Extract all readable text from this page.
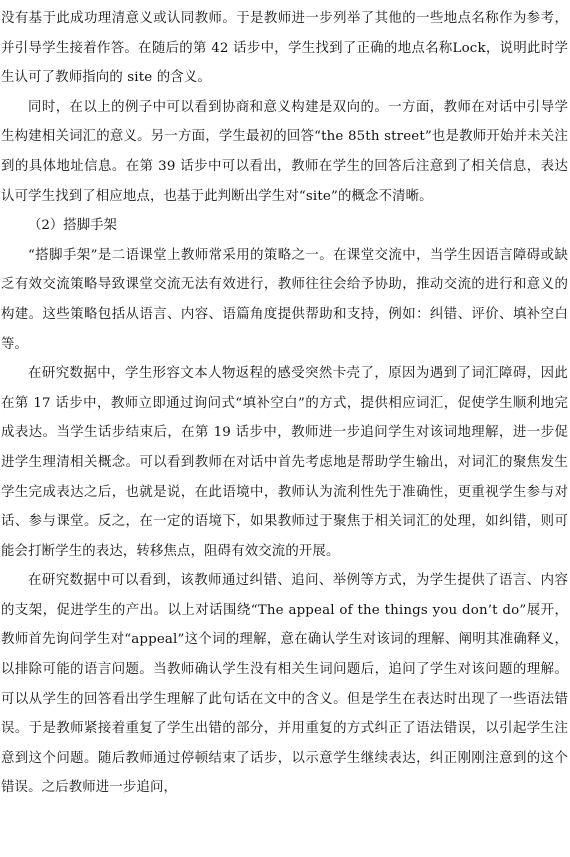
没有基于此成功理清意义或认同教师。于是教师进一步列举了其他的一些地点名称作为参考，并引导学生接着作答。在随后的第 42 话步中，学生找到了正确的地点名称Lock，说明此时学生认可了教师指向的 site 的含义。

同时，在以上的例子中可以看到协商和意义构建是双向的。一方面，教师在对话中引导学生构建相关词汇的意义。另一方面，学生最初的回答“the 85th street”也是教师开始并未关注到的具体地址信息。在第 39 话步中可以看出，教师在学生的回答后注意到了相关信息，表达认可学生找到了相应地点，也基于此判断出学生对“site”的概念不清晰。

（2）搭脚手架

“搭脚手架”是二语课堂上教师常采用的策略之一。在课堂交流中，当学生因语言障碍或缺乏有效交流策略导致课堂交流无法有效进行，教师往往会给予协助，推动交流的进行和意义的构建。这些策略包括从语言、内容、语篇角度提供帮助和支持，例如：纠错、评价、填补空白等。

在研究数据中，学生形容文本人物返程的感受突然卡壳了，原因为遇到了词汇障碍，因此在第 17 话步中，教师立即通过询问式“填补空白”的方式，提供相应词汇，促使学生顺利地完成表达。当学生话步结束后，在第 19 话步中，教师进一步追问学生对该词地理解，进一步促进学生理清相关概念。可以看到教师在对话中首先考虑地是帮助学生输出，对词汇的聚焦发生学生完成表达之后，也就是说，在此语境中，教师认为流利性先于准确性，更重视学生参与对话、参与课堂。反之，在一定的语境下，如果教师过于聚焦于相关词汇的处理，如纠错，则可能会打断学生的表达，转移焦点，阻碍有效交流的开展。

在研究数据中可以看到，该教师通过纠错、追问、举例等方式，为学生提供了语言、内容的支架，促进学生的产出。以上对话围绕“The appeal of the things you don’t do”展开，教师首先询问学生对“appeal”这个词的理解，意在确认学生对该词的理解、阐明其准确释义，以排除可能的语言问题。当教师确认学生没有相关生词问题后，追问了学生对该问题的理解。可以从学生的回答看出学生理解了此句话在文中的含义。但是学生在表达时出现了一些语法错误。于是教师紧接着重复了学生出错的部分，并用重复的方式纠正了语法错误，以引起学生注意到这个问题。随后教师通过停顿结束了话步，以示意学生继续表达，纠正刚刚注意到的这个错误。之后教师进一步追问，
